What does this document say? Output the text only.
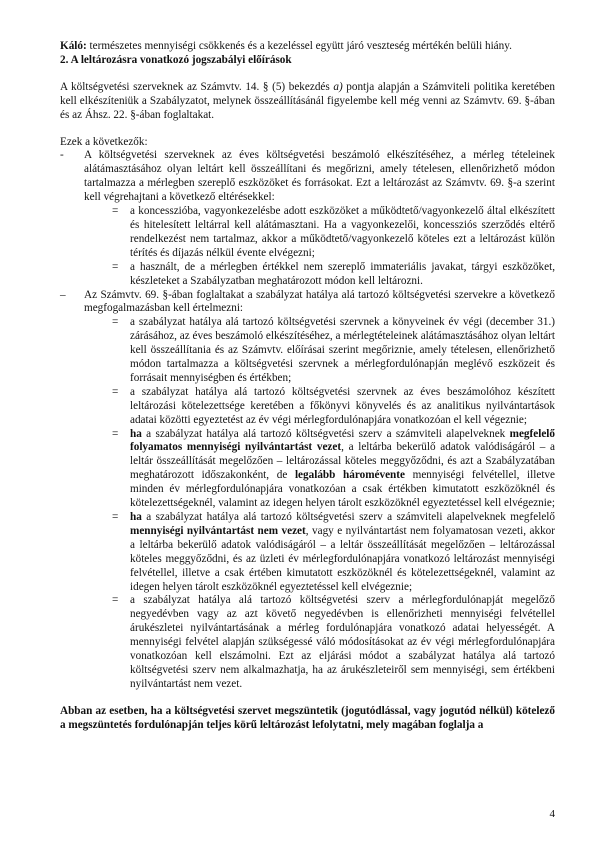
Káló: természetes mennyiségi csökkenés és a kezeléssel együtt járó veszteség mértékén belüli hiány.

2. A leltározásra vonatkozó jogszabályi előírások

A költségvetési szerveknek az Számvtv. 14. § (5) bekezdés a) pontja alapján a Számviteli politika keretében kell elkészíteniük a Szabályzatot, melynek összeállításánál figyelembe kell még venni az Számvtv. 69. §-ában és az Áhsz. 22. §-ában foglaltakat.

Ezek a következők:

- A költségvetési szerveknek az éves költségvetési beszámoló elkészítéséhez, a mérleg tételeinek alátámasztásához olyan leltárt kell összeállítani és megőrizni, amely tételesen, ellenőrizhető módon tartalmazza a mérlegben szereplő eszközöket és forrásokat. Ezt a leltározást az Számvtv. 69. §-a szerint kell végrehajtani a következő eltérésekkel:

= a koncesszióba, vagyonkezelésbe adott eszközöket a működtető/vagyonkezelő által elkészített és hitelesített leltárral kell alátámasztani. Ha a vagyonkezelői, koncessziós szerződés eltérő rendelkezést nem tartalmaz, akkor a működtető/vagyonkezelő köteles ezt a leltározást külön térítés és díjazás nélkül évente elvégezni;

= a használt, de a mérlegben értékkel nem szereplő immateriális javakat, tárgyi eszközöket, készleteket a Szabályzatban meghatározott módon kell leltározni.

– Az Számvtv. 69. §-ában foglaltakat a szabályzat hatálya alá tartozó költségvetési szervekre a következő megfogalmazásban kell értelmezni:

= a szabályzat hatálya alá tartozó költségvetési szervnek a könyveinek év végi (december 31.) zárásához, az éves beszámoló elkészítéséhez, a mérlegtételeinek alátámasztásához olyan leltárt kell összeállítania és az Számvtv. előírásai szerint megőriznie, amely tételesen, ellenőrizhető módon tartalmazza a költségvetési szervnek a mérlegfordulónapján meglévő eszközeit és forrásait mennyiségben és értékben;

= a szabályzat hatálya alá tartozó költségvetési szervnek az éves beszámolóhoz készített leltározási kötelezettsége keretében a főkönyvi könyvelés és az analitikus nyilvántartások adatai közötti egyeztetést az év végi mérlegfordulónapjára vonatkozóan el kell végeznie;

= ha a szabályzat hatálya alá tartozó költségvetési szerv a számviteli alapelveknek megfelelő folyamatos mennyiségi nyilvántartást vezet, a leltárba bekerülő adatok valódiságáról – a leltár összeállítását megelőzően – leltározással köteles meggyőződni, és azt a Szabályzatában meghatározott időszakonként, de legalább háromévente mennyiségi felvétellel, illetve minden év mérlegfordulónapjára vonatkozóan a csak értékben kimutatott eszközöknél és kötelezettségeknél, valamint az idegen helyen tárolt eszközöknél egyeztetéssel kell elvégeznie;

= ha a szabályzat hatálya alá tartozó költségvetési szerv a számviteli alapelveknek megfelelő mennyiségi nyilvántartást nem vezet, vagy e nyilvántartást nem folyamatosan vezeti, akkor a leltárba bekerülő adatok valódiságáról – a leltár összeállítását megelőzően – leltározással köteles meggyőződni, és az üzleti év mérlegfordulónapjára vonatkozó leltározást mennyiségi felvétellel, illetve a csak értében kimutatott eszközöknél és kötelezettségeknél, valamint az idegen helyen tárolt eszközöknél egyeztetéssel kell elvégeznie;

= a szabályzat hatálya alá tartozó költségvetési szerv a mérlegfordulónapját megelőző negyedévben vagy az azt követő negyedévben is ellenőrizheti mennyiségi felvétellel árukészletei nyilvántartásának a mérleg fordulónapjára vonatkozó adatai helyességét. A mennyiségi felvétel alapján szükségessé váló módosításokat az év végi mérlegfordulónapjára vonatkozóan kell elszámolni. Ezt az eljárási módot a szabályzat hatálya alá tartozó költségvetési szerv nem alkalmazhatja, ha az árukészleteiről sem mennyiségi, sem értékbeni nyilvántartást nem vezet.

Abban az esetben, ha a költségvetési szervet megszüntetik (jogutódlással, vagy jogutód nélkül) kötelező a megszüntetés fordulónapján teljes körű leltározást lefolytatni, mely magában foglalja a

4
